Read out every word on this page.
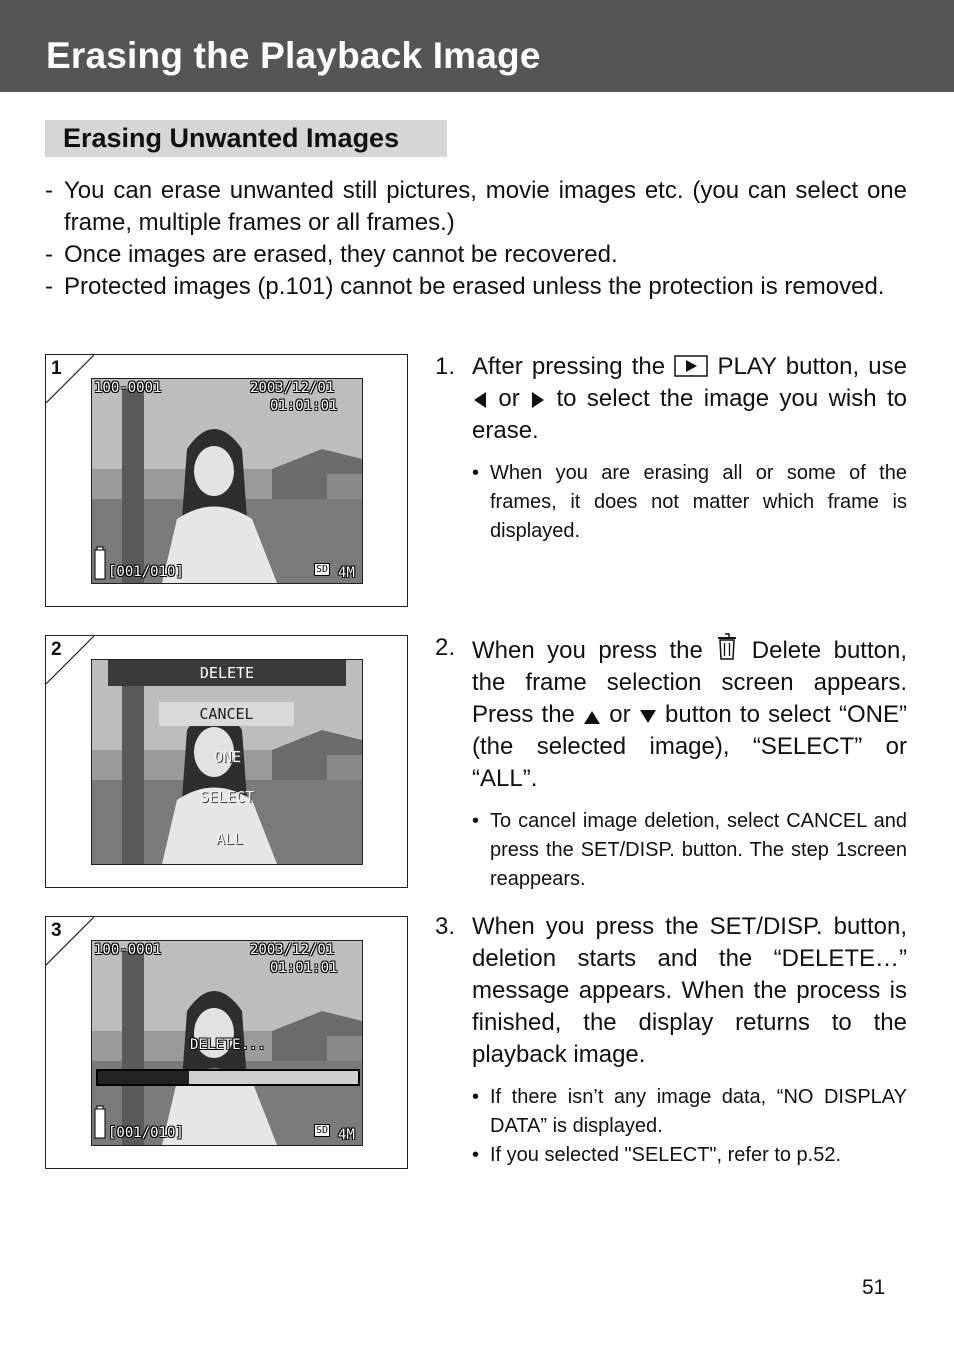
Erasing the Playback Image
Erasing Unwanted Images
- You can erase unwanted still pictures, movie images etc. (you can select one frame, multiple frames or all frames.)
- Once images are erased, they cannot be recovered.
- Protected images (p.101) cannot be erased unless the protection is removed.
1
100-0001	2003/12/01
01:01:01
[001/010]	SD 4M
2
DELETE
CANCEL
ONE
SELECT
ALL
3
100-0001	2003/12/01
01:01:01
DELETE...
[001/010]	SD 4M
1. After pressing the PLAY button, use  or to select the image you wish to erase.
• When you are erasing all or some of the frames, it does not matter which frame is displayed.
2. When you press the Delete button, the frame selection screen appears. Press the or button to select “ONE” (the selected image), “SELECT” or “ALL”.
• To cancel image deletion, select CANCEL and press the SET/DISP. button. The step 1screen reappears.
3. When you press the SET/DISP. button, deletion starts and the “DELETE…” message appears. When the process is finished, the display returns to the playback image.
• If there isn’t any image data, “NO DISPLAY DATA” is displayed.
• If you selected "SELECT", refer to p.52.
51
